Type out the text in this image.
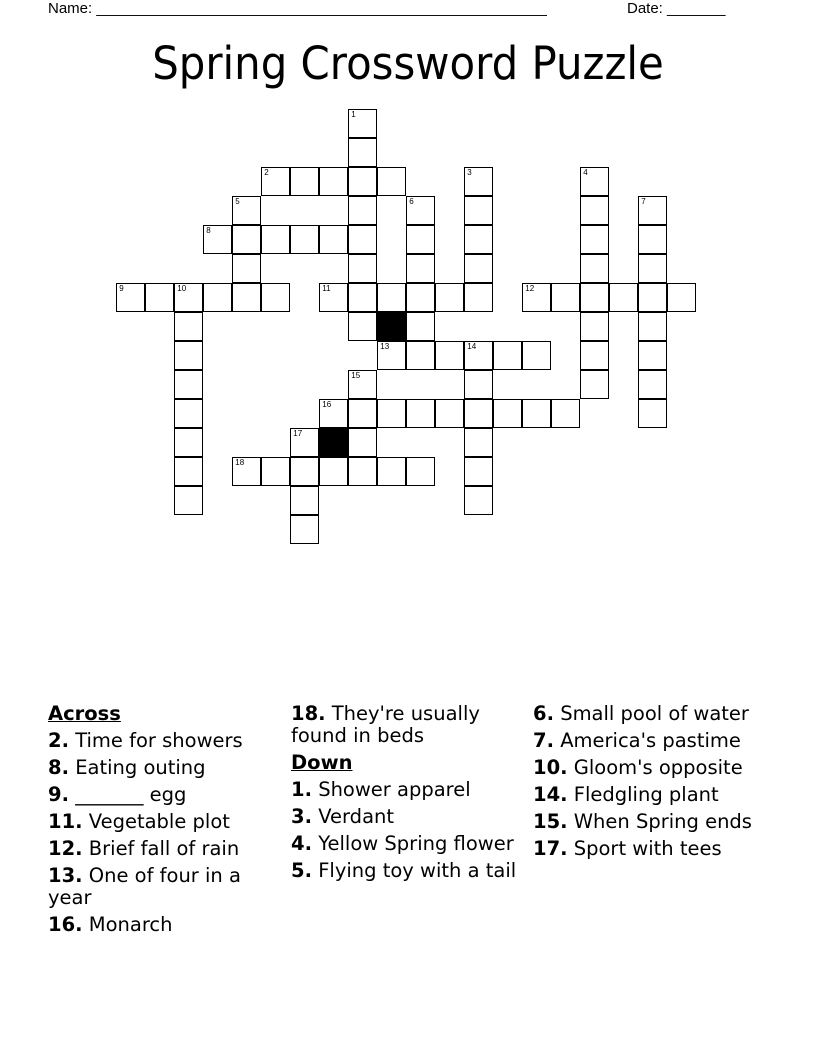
Name: ______________________________________________________	Date: _______
Spring Crossword Puzzle
1
2	3	4
5	6	7
8
9	10	11	12
13	14
15
16
17
18
Across
2. Time for showers
8. Eating outing
9. _______ egg
11. Vegetable plot
12. Brief fall of rain
13. One of four in a year
16. Monarch
18. They're usually found in beds
Down
1. Shower apparel
3. Verdant
4. Yellow Spring flower
5. Flying toy with a tail
6. Small pool of water
7. America's pastime
10. Gloom's opposite
14. Fledgling plant
15. When Spring ends
17. Sport with tees
